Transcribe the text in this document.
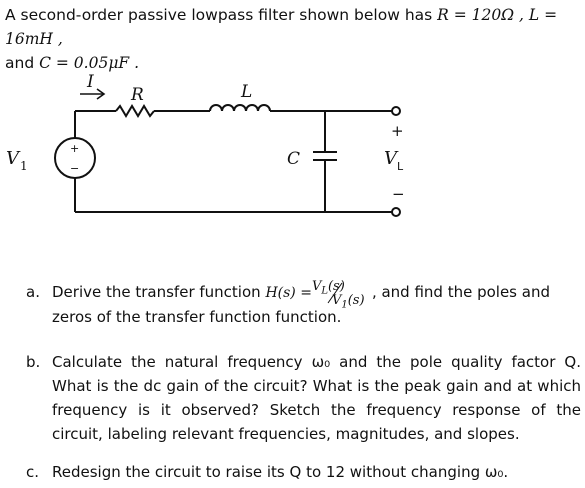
A second-order passive lowpass filter shown below has R = 120Ω , L = 16mH ,
and C = 0.05μF .
I
R	L
C
V 1
+
−
+
V L
−
a. Derive the transfer function $H(s) = V_L(s)$
$V_1(s)$ , and find the poles and
zeros of the transfer function function.
b. Calculate the natural frequency ω₀ and the pole quality factor Q. What is the dc gain of the circuit? What is the peak gain and at which frequency is it observed? Sketch the frequency response of the circuit, labeling relevant frequencies, magnitudes, and slopes.
c. Redesign the circuit to raise its Q to 12 without changing ω₀.
